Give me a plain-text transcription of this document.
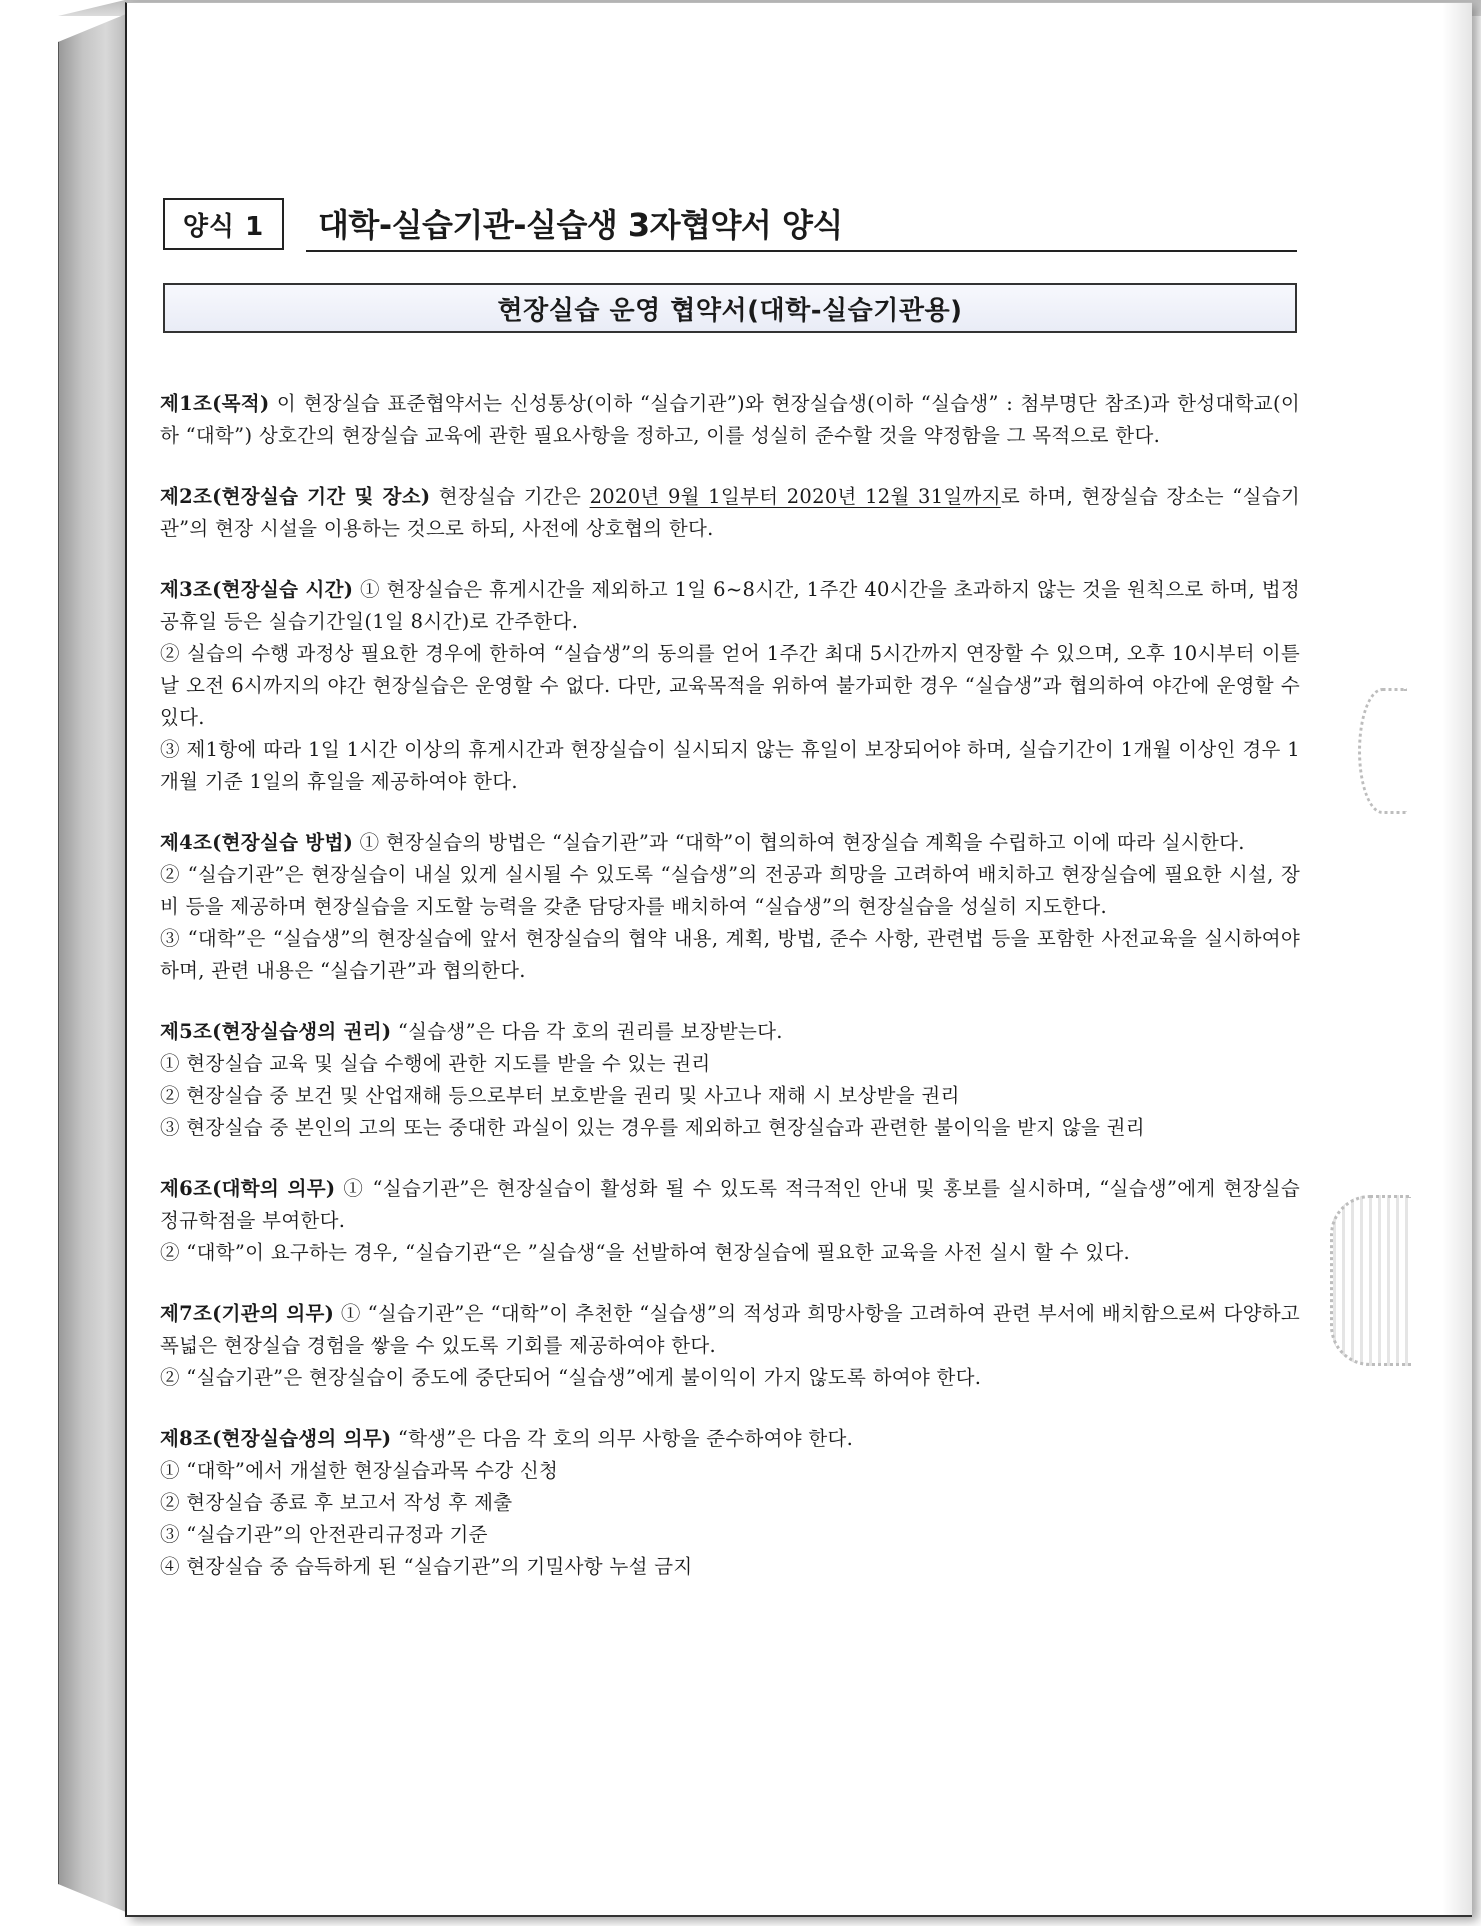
양식 1	대학-실습기관-실습생 3자협약서 양식
현장실습 운영 협약서(대학-실습기관용)

제1조(목적) 이 현장실습 표준협약서는 신성통상(이하 “실습기관”)와 현장실습생(이하 “실습생” : 첨부명단 참조)과 한성대학교(이하 “대학”) 상호간의 현장실습 교육에 관한 필요사항을 정하고, 이를 성실히 준수할 것을 약정함을 그 목적으로 한다.

제2조(현장실습 기간 및 장소) 현장실습 기간은 2020년 9월 1일부터 2020년 12월 31일까지로 하며, 현장실습 장소는 “실습기관”의 현장 시설을 이용하는 것으로 하되, 사전에 상호협의 한다.

제3조(현장실습 시간) ① 현장실습은 휴게시간을 제외하고 1일 6~8시간, 1주간 40시간을 초과하지 않는 것을 원칙으로 하며, 법정 공휴일 등은 실습기간일(1일 8시간)로 간주한다.

② 실습의 수행 과정상 필요한 경우에 한하여 “실습생”의 동의를 얻어 1주간 최대 5시간까지 연장할 수 있으며, 오후 10시부터 이튿날 오전 6시까지의 야간 현장실습은 운영할 수 없다. 다만, 교육목적을 위하여 불가피한 경우 “실습생”과 협의하여 야간에 운영할 수 있다.

③ 제1항에 따라 1일 1시간 이상의 휴게시간과 현장실습이 실시되지 않는 휴일이 보장되어야 하며, 실습기간이 1개월 이상인 경우 1개월 기준 1일의 휴일을 제공하여야 한다.

제4조(현장실습 방법) ① 현장실습의 방법은 “실습기관”과 “대학”이 협의하여 현장실습 계획을 수립하고 이에 따라 실시한다.

② “실습기관”은 현장실습이 내실 있게 실시될 수 있도록 “실습생”의 전공과 희망을 고려하여 배치하고 현장실습에 필요한 시설, 장비 등을 제공하며 현장실습을 지도할 능력을 갖춘 담당자를 배치하여 “실습생”의 현장실습을 성실히 지도한다.

③ “대학”은 “실습생”의 현장실습에 앞서 현장실습의 협약 내용, 계획, 방법, 준수 사항, 관련법 등을 포함한 사전교육을 실시하여야 하며, 관련 내용은 “실습기관”과 협의한다.

제5조(현장실습생의 권리) “실습생”은 다음 각 호의 권리를 보장받는다.

① 현장실습 교육 및 실습 수행에 관한 지도를 받을 수 있는 권리

② 현장실습 중 보건 및 산업재해 등으로부터 보호받을 권리 및 사고나 재해 시 보상받을 권리

③ 현장실습 중 본인의 고의 또는 중대한 과실이 있는 경우를 제외하고 현장실습과 관련한 불이익을 받지 않을 권리

제6조(대학의 의무) ① “실습기관”은 현장실습이 활성화 될 수 있도록 적극적인 안내 및 홍보를 실시하며, “실습생”에게 현장실습 정규학점을 부여한다.

② “대학”이 요구하는 경우, “실습기관“은 ”실습생“을 선발하여 현장실습에 필요한 교육을 사전 실시 할 수 있다.

제7조(기관의 의무) ① “실습기관”은 “대학”이 추천한 “실습생”의 적성과 희망사항을 고려하여 관련 부서에 배치함으로써 다양하고 폭넓은 현장실습 경험을 쌓을 수 있도록 기회를 제공하여야 한다.

② “실습기관”은 현장실습이 중도에 중단되어 “실습생”에게 불이익이 가지 않도록 하여야 한다.

제8조(현장실습생의 의무) “학생”은 다음 각 호의 의무 사항을 준수하여야 한다.

① “대학”에서 개설한 현장실습과목 수강 신청

② 현장실습 종료 후 보고서 작성 후 제출

③ “실습기관”의 안전관리규정과 기준

④ 현장실습 중 습득하게 된 “실습기관”의 기밀사항 누설 금지
